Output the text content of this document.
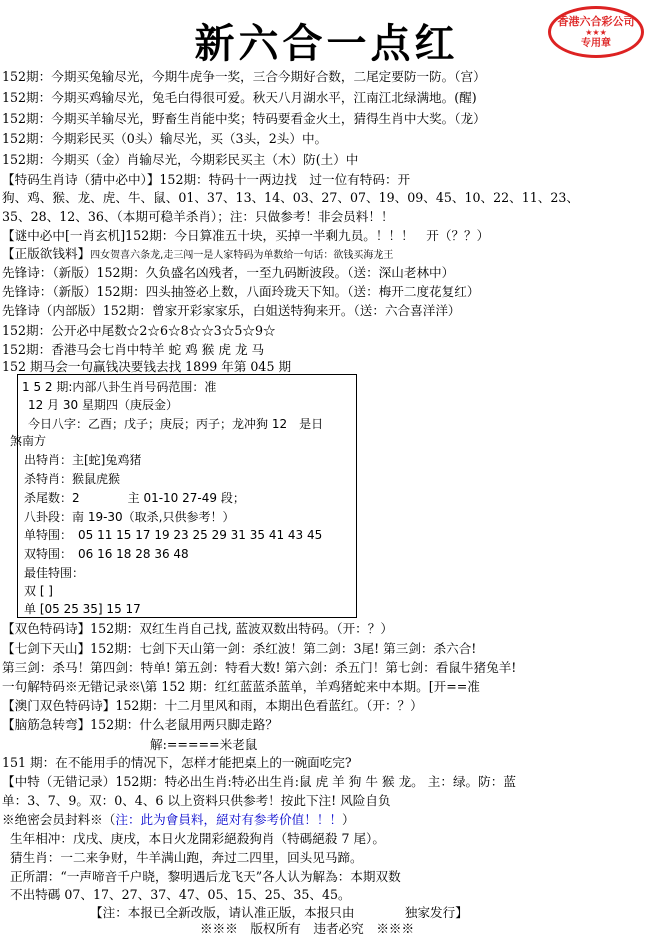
新六合一点红	香港六合彩公司
★★★
专用章
152期：今期买兔输尽光，今期牛虎争一奖，三合今期好合数，二尾定要防一防。（宫）
152期：今期买鸡输尽光，兔毛白得很可爱。秋天八月湖水平，江南江北绿满地。(醒)
152期：今期买羊输尽光，野畜生肖能中奖；特码要看金火土，猜得生肖中大奖。（龙）
152期：今期彩民买（0头）输尽光，买（3头，2头）中。
152期：今期买（金）肖输尽光，今期彩民买主（木）防(土）中
【特码生肖诗（猜中必中）】152期：特码十一两边找　过一位有特码：开
狗、鸡、猴、龙、虎、牛、鼠、01、37、13、14、03、27、07、19、09、45、10、22、11、23、
35、28、12、36、（本期可稳羊杀肖）；注：只做参考！非会员料！！
【谜中必中[一肖玄机]152期：今日算准五十块，买掉一半剩九员。！！！　开（？？）
【正版欲钱料】四女贺喜六条龙,走三闯一是人家特码为单数给一句话：欲钱买海龙王
先锋诗：（新版）152期：久负盛名凶残者，一至九码断波段。（送：深山老林中）
先锋诗：（新版）152期：四头抽签必上数，八面玲珑天下知。（送：梅开二度花复红）
先锋诗（内部版）152期：曾家开彩家家乐，白姐送特狗来开。（送：六合喜洋洋）
152期：公开必中尾数☆2☆6☆8☆☆3☆5☆9☆
152期：香港马会七肖中特羊 蛇 鸡 猴 虎 龙 马
152 期马会一句赢钱决要钱去找 1899 年第 045 期
1 5 2 期:内部八卦生肖号码范围：准
12 月 30 星期四（庚辰金）
今日八字：乙酉；戊子；庚辰；丙子；龙冲狗 12　是日
煞南方
出特肖：主[蛇]兔鸡猪
杀特肖：猴鼠虎猴
杀尾数：2　　　　主 01-10 27-49 段；
八卦段：南 19-30（取杀,只供参考！）
单特围：　05 11 15 17 19 23 25 29 31 35 41 43 45
双特围：　06 16 18 28 36 48
最佳特围：
双 [ ]
单 [05 25 35] 15 17
【双色特码诗】152期：双红生肖自己找, 蓝波双数出特码。（开：？）
【七剑下天山】152期：七剑下天山第一剑：杀红波！第二剑：3尾! 第三剑：杀六合!
第三剑：杀马！第四剑：特单! 第五剑：特看大数! 第六剑：杀五门！第七剑：看鼠牛猪兔羊!
一句解特码※无错记录※\第 152 期：红红蓝蓝杀蓝单，羊鸡猪蛇来中本期。[开==准
【澳门双色特码诗】152期：十二月里风和雨，本期出色看蓝红。（开：？）
【脑筋急转弯】152期：什么老鼠用两只脚走路？
解:=====米老鼠
151 期：在不能用手的情况下，怎样才能把桌上的一碗面吃完?
【中特（无错记录）152期：特必出生肖:特必出生肖:鼠 虎 羊 狗 牛 猴 龙。 主：绿。防：蓝
单：3、7、9。双：0、4、6 以上资料只供参考！按此下注! 风险自负
※绝密会员封料※（注：此为會員料，絕对有参考价值！！！）
生年相冲：戊戌、庚戌，本日火龙開彩絕殺狗肖（特碼絕殺 7 尾）。
猜生肖：一二来争财，牛羊满山跑，奔过二四里，回头见马蹄。
正所謂：“一声啼音千户晓，黎明遇后龙飞天”各人认为解為：本期双数
不出特碼 07、17、27、37、47、05、15、25、35、45。
【注：本报已全新改版，请认准正版，本报只由　　　　独家发行】
※※※　版权所有　违者必究　※※※
